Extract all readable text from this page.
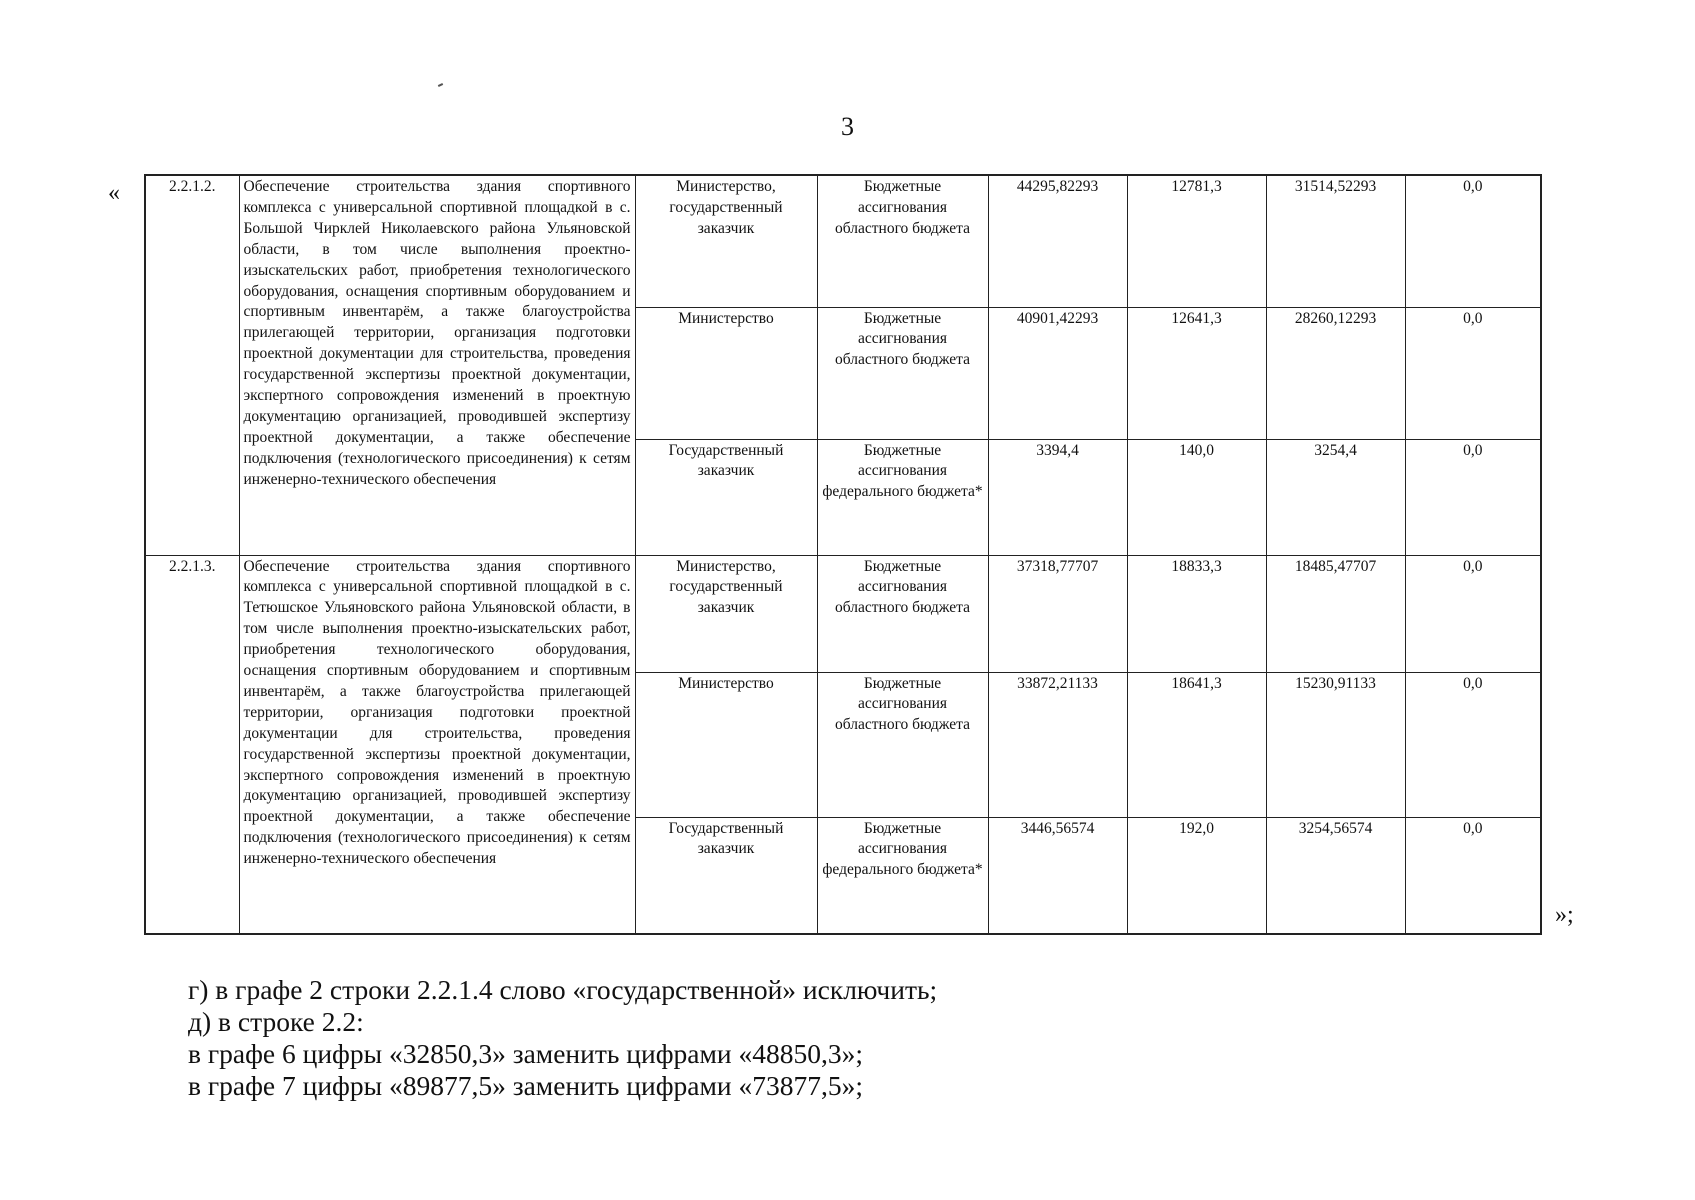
3
«	2.2.1.2.	Обеспечение строительства здания спортивного комплекса с универсальной спортивной площадкой в с. Большой Чирклей Николаевского района Ульяновской области, в том числе выполнения проектно-изыскательских работ, приобретения технологического оборудования, оснащения спортивным оборудованием и спортивным инвентарём, а также благоустройства прилегающей территории, организация подготовки проектной документации для строительства, проведения государственной экспертизы проектной документации, экспертного сопровождения изменений в проектную документацию организацией, проводившей экспертизу проектной документации, а также обеспечение подключения (технологического присоединения) к сетям инженерно-технического обеспечения	Министерство, государственный заказчик	Бюджетные ассигнования областного бюджета	44295,82293	12781,3	31514,52293	0,0
		Министерство	Бюджетные ассигнования областного бюджета	40901,42293	12641,3	28260,12293	0,0
		Государственный заказчик	Бюджетные ассигнования федерального бюджета*	3394,4	140,0	3254,4	0,0
2.2.1.3.	Обеспечение строительства здания спортивного комплекса с универсальной спортивной площадкой в с. Тетюшское Ульяновского района Ульяновской области, в том числе выполнения проектно-изыскательских работ, приобретения технологического оборудования, оснащения спортивным оборудованием и спортивным инвентарём, а также благоустройства прилегающей территории, организация подготовки проектной документации для строительства, проведения государственной экспертизы проектной документации, экспертного сопровождения изменений в проектную документацию организацией, проводившей экспертизу проектной документации, а также обеспечение подключения (технологического присоединения) к сетям инженерно-технического обеспечения	Министерство, государственный заказчик	Бюджетные ассигнования областного бюджета	37318,77707	18833,3	18485,47707	0,0
		Министерство	Бюджетные ассигнования областного бюджета	33872,21133	18641,3	15230,91133	0,0
		Государственный заказчик	Бюджетные ассигнования федерального бюджета*	3446,56574	192,0	3254,56574	0,0
»;
г) в графе 2 строки 2.2.1.4 слово «государственной» исключить;
д) в строке 2.2:
в графе 6 цифры «32850,3» заменить цифрами «48850,3»;
в графе 7 цифры «89877,5» заменить цифрами «73877,5»;
